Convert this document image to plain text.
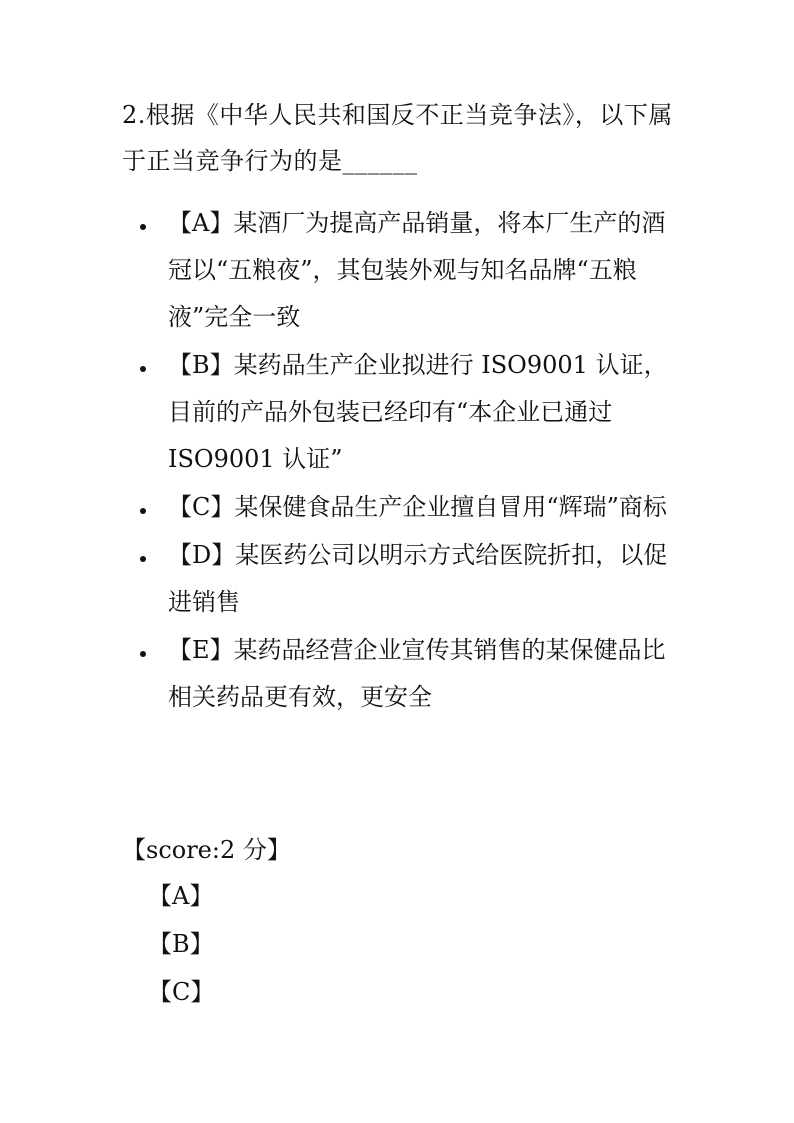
2.根据《中华人民共和国反不正当竞争法》，以下属于正当竞争行为的是______
【A】某酒厂为提高产品销量，将本厂生产的酒冠以“五粮夜”，其包装外观与知名品牌“五粮液”完全一致
【B】某药品生产企业拟进行 ISO9001 认证，目前的产品外包装已经印有“本企业已通过 ISO9001 认证”
【C】某保健食品生产企业擅自冒用“辉瑞”商标
【D】某医药公司以明示方式给医院折扣，以促进销售
【E】某药品经营企业宣传其销售的某保健品比相关药品更有效，更安全
【score:2 分】
【A】
【B】
【C】
